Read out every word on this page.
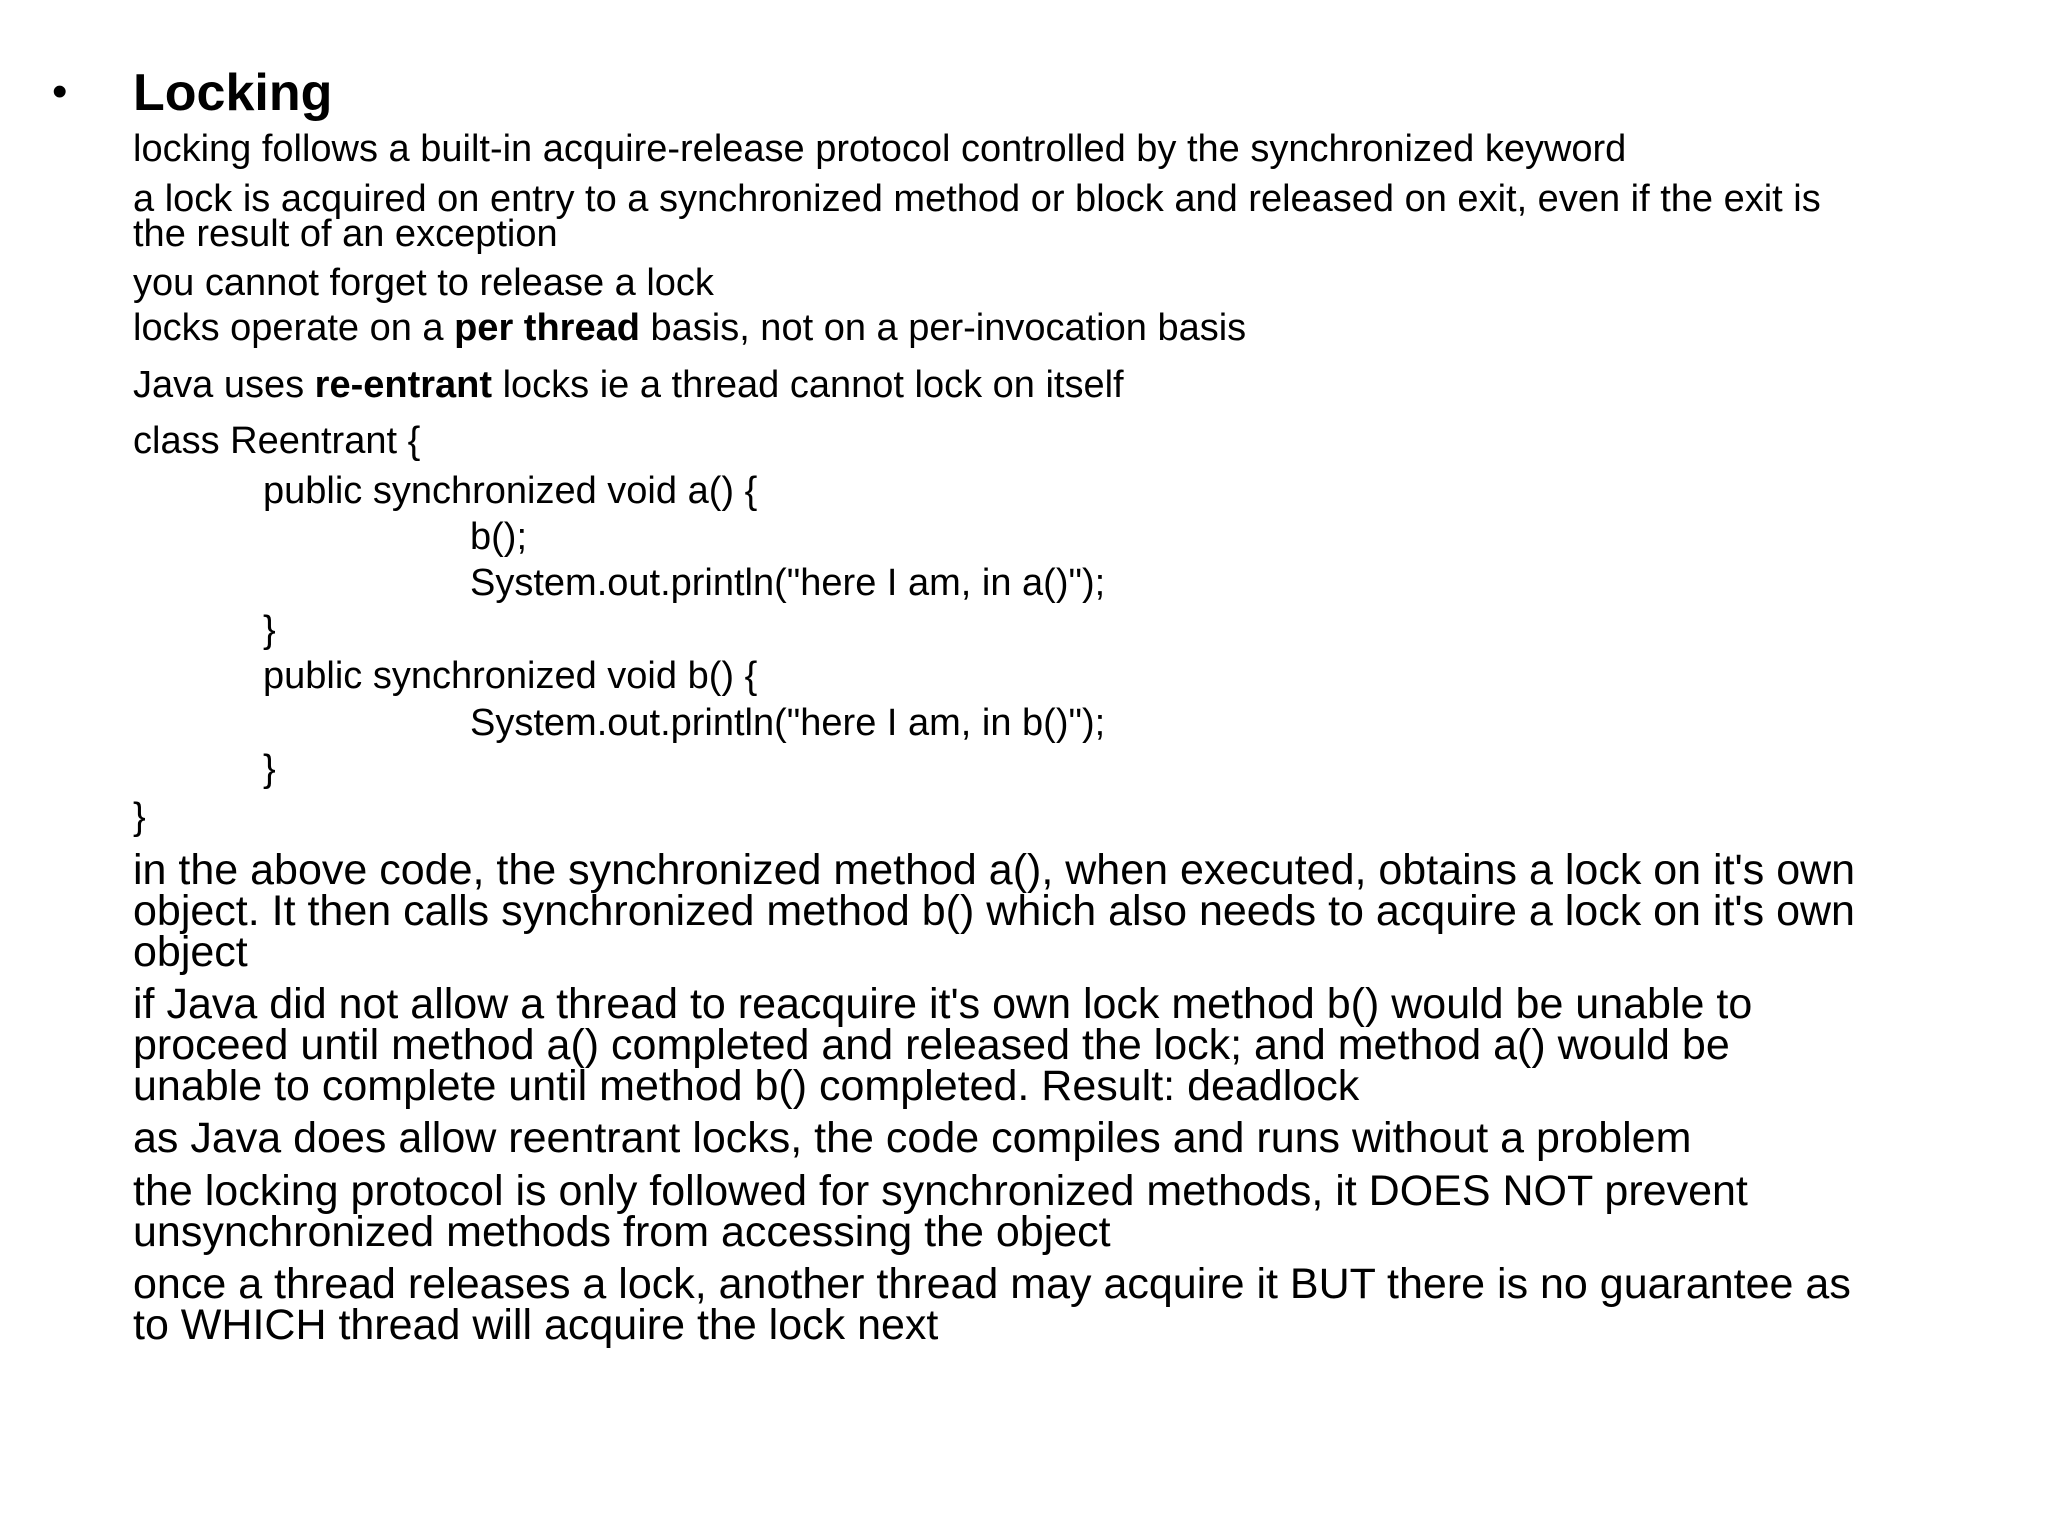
• Locking
locking follows a built-in acquire-release protocol controlled by the synchronized keyword
a lock is acquired on entry to a synchronized method or block and released on exit, even if the exit is
the result of an exception
you cannot forget to release a lock
locks operate on a per thread basis, not on a per-invocation basis
Java uses re-entrant locks ie a thread cannot lock on itself
class Reentrant {
public synchronized void a() {
b();
System.out.println("here I am, in a()");
}
public synchronized void b() {
System.out.println("here I am, in b()");
}
}
in the above code, the synchronized method a(), when executed, obtains a lock on it's own
object. It then calls synchronized method b() which also needs to acquire a lock on it's own
object
if Java did not allow a thread to reacquire it's own lock method b() would be unable to
proceed until method a() completed and released the lock; and method a() would be
unable to complete until method b() completed. Result: deadlock
as Java does allow reentrant locks, the code compiles and runs without a problem
the locking protocol is only followed for synchronized methods, it DOES NOT prevent
unsynchronized methods from accessing the object
once a thread releases a lock, another thread may acquire it BUT there is no guarantee as
to WHICH thread will acquire the lock next
